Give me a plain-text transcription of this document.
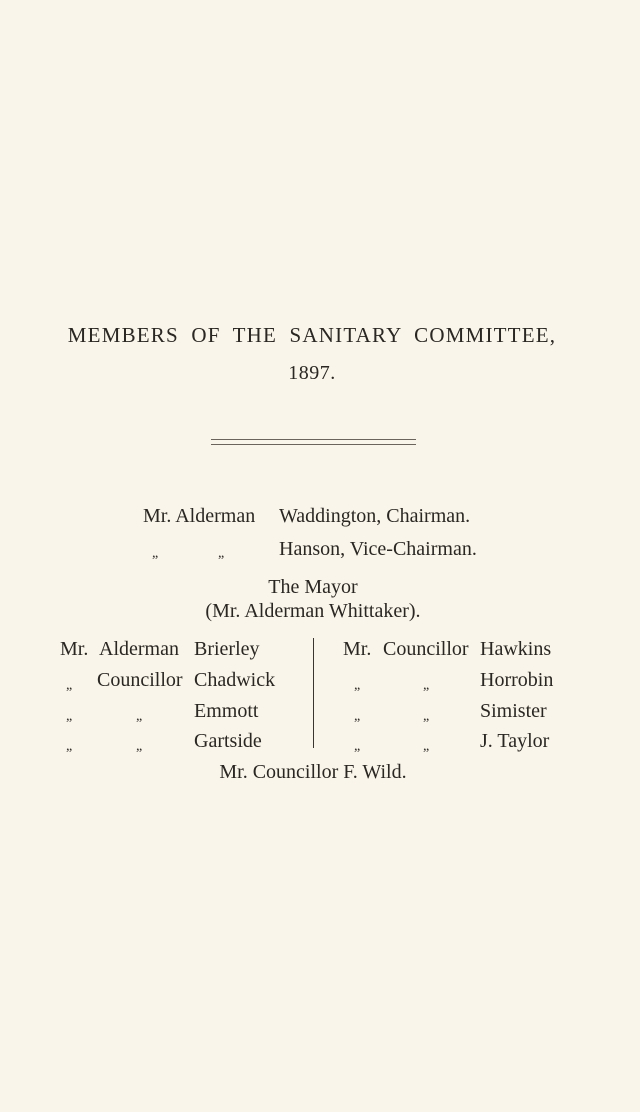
MEMBERS OF THE SANITARY COMMITTEE,
1897.
Mr. Alderman Waddington, Chairman.
„	„	Hanson, Vice-Chairman.
The Mayor
(Mr. Alderman Whittaker).
Mr. Alderman Brierley
„ Councillor Chadwick
„	„	Emmott
„	„	Gartside
Mr. Councillor Hawkins
„	„	Horrobin
„	„	Simister
„	„	J. Taylor
Mr. Councillor F. Wild.
